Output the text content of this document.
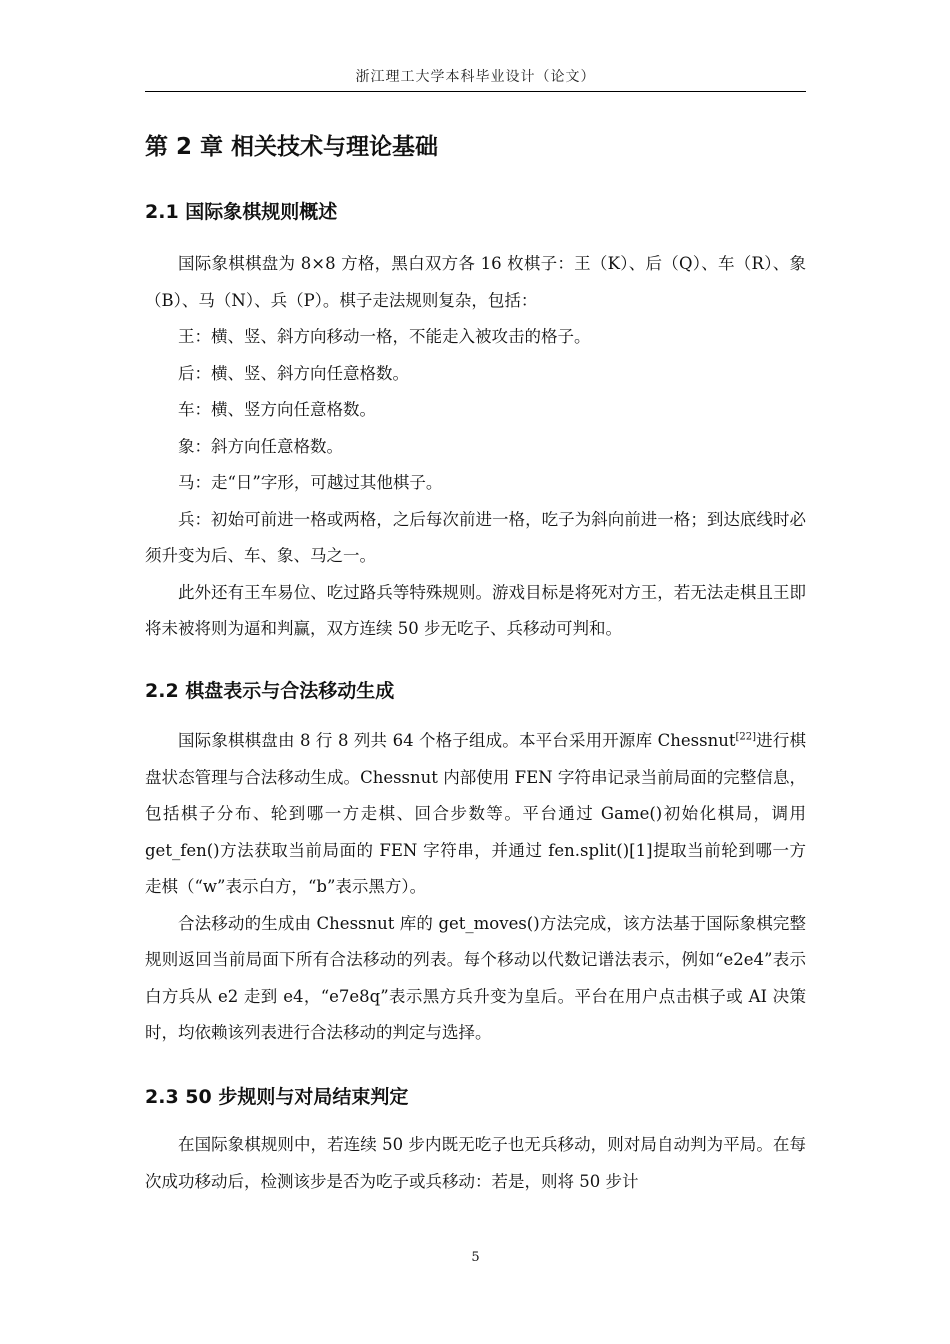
浙江理工大学本科毕业设计（论文）
第 2 章 相关技术与理论基础
2.1 国际象棋规则概述

国际象棋棋盘为 8×8 方格，黑白双方各 16 枚棋子：王（K）、后（Q）、车（R）、象（B）、马（N）、兵（P）。棋子走法规则复杂，包括：

王：横、竖、斜方向移动一格，不能走入被攻击的格子。

后：横、竖、斜方向任意格数。

车：横、竖方向任意格数。

象：斜方向任意格数。

马：走“日”字形，可越过其他棋子。

兵：初始可前进一格或两格，之后每次前进一格，吃子为斜向前进一格；到达底线时必须升变为后、车、象、马之一。

此外还有王车易位、吃过路兵等特殊规则。游戏目标是将死对方王，若无法走棋且王即将未被将则为逼和判赢，双方连续 50 步无吃子、兵移动可判和。

2.2 棋盘表示与合法移动生成

国际象棋棋盘由 8 行 8 列共 64 个格子组成。本平台采用开源库 Chessnut[22]进行棋盘状态管理与合法移动生成。Chessnut 内部使用 FEN 字符串记录当前局面的完整信息，包括棋子分布、轮到哪一方走棋、回合步数等。平台通过 Game()初始化棋局，调用 get_fen()方法获取当前局面的 FEN 字符串，并通过 fen.split()[1]提取当前轮到哪一方走棋（“w”表示白方，“b”表示黑方）。

合法移动的生成由 Chessnut 库的 get_moves()方法完成，该方法基于国际象棋完整规则返回当前局面下所有合法移动的列表。每个移动以代数记谱法表示，例如“e2e4”表示白方兵从 e2 走到 e4，“e7e8q”表示黑方兵升变为皇后。平台在用户点击棋子或 AI 决策时，均依赖该列表进行合法移动的判定与选择。

2.3 50 步规则与对局结束判定

在国际象棋规则中，若连续 50 步内既无吃子也无兵移动，则对局自动判为平局。在每次成功移动后，检测该步是否为吃子或兵移动：若是，则将 50 步计

5
